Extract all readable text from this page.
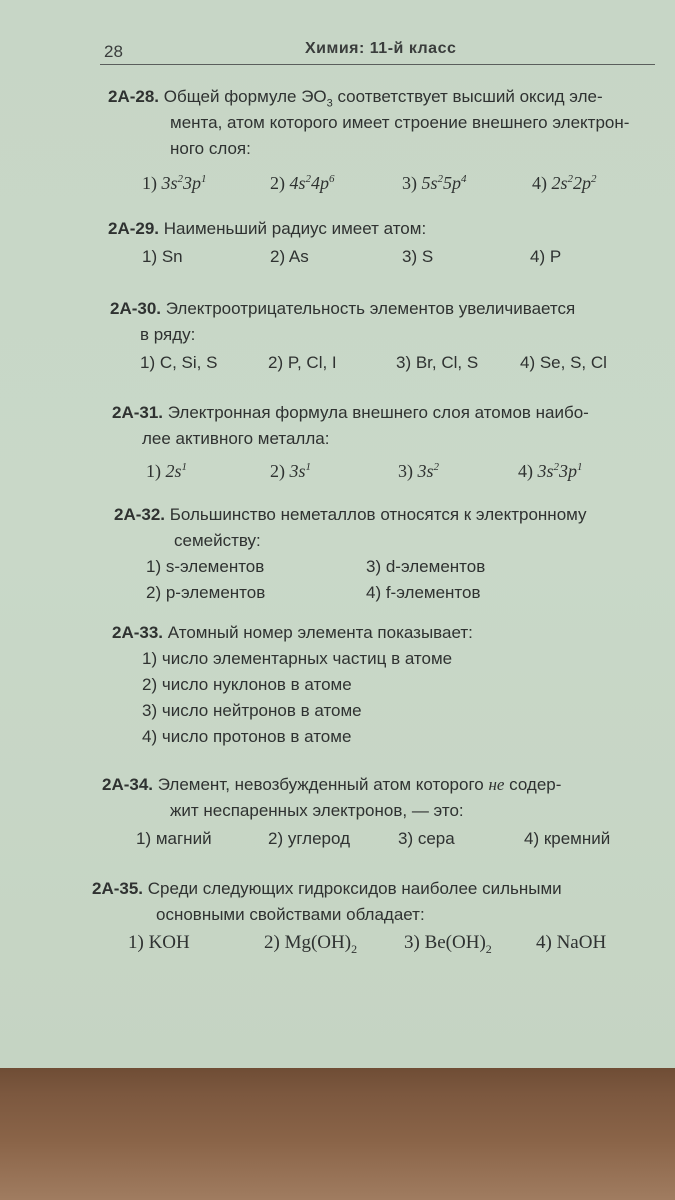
28	Химия: 11-й класс
2А-28. Общей формуле $ЭО_3$ соответствует высший оксид эле-
мента, атом которого имеет строение внешнего электрон-
ного слоя:
1) $3s^23p^1$	2) $4s^24p^6$	3) $5s^25p^4$	4) $2s^22p^2$
2А-29. Наименьший радиус имеет атом:
1) Sn	2) As	3) S	4) P
2А-30. Электроотрицательность элементов увеличивается
в ряду:
1) C, Si, S	2) P, Cl, I	3) Br, Cl, S 4) Se, S, Cl
2А-31. Электронная формула внешнего слоя атомов наибо-
лее активного металла:
1) $2s^1$	2) $3s^1$	3) $3s^2$	4) $3s^23p^1$
2А-32. Большинство неметаллов относятся к электронному
семейству:
1) s-элементов	3) d-элементов
2) p-элементов	4) f-элементов
2А-33. Атомный номер элемента показывает:
1) число элементарных частиц в атоме
2) число нуклонов в атоме
3) число нейтронов в атоме
4) число протонов в атоме
2А-34. Элемент, невозбужденный атом которого не содер-
жит неспаренных электронов, — это:
1) магний	2) углерод	3) сера	4) кремний
2А-35. Среди следующих гидроксидов наиболее сильными
основными свойствами обладает:
1) KOH	2) $Mg(OH)_2$ 3) $Be(OH)_2$ 4) NaOH
